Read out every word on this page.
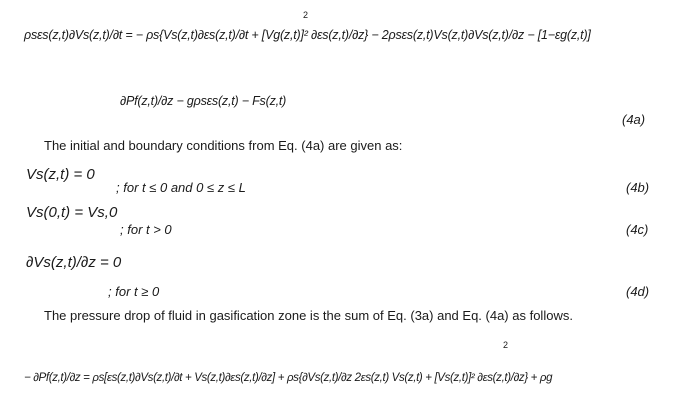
ρsεs(z,t)∂Vs(z,t)/∂t = − ρs{Vs(z,t)∂εs(z,t)/∂t + [Vg(z,t)]² ∂εs(z,t)/∂z} − 2ρsεs(z,t)Vs(z,t)∂Vs(z,t)/∂z − [1−εg(z,t)]
2
∂Pf(z,t)/∂z − gρsεs(z,t) − Fs(z,t)
(4a)
The initial and boundary conditions from Eq. (4a) are given as:
Vs(z,t) = 0
; for t ≤ 0 and 0 ≤ z ≤ L	(4b)
Vs(0,t) = Vs,0
; for t > 0	(4c)
∂Vs(z,t)/∂z = 0
; for t ≥ 0	(4d)
The pressure drop of fluid in gasification zone is the sum of Eq. (3a) and Eq. (4a) as follows.
− ∂Pf(z,t)/∂z = ρs[εs(z,t)∂Vs(z,t)/∂t + Vs(z,t)∂εs(z,t)/∂z] + ρs{∂Vs(z,t)/∂z 2εs(z,t) Vs(z,t) + [Vs(z,t)]² ∂εs(z,t)/∂z} + ρg
2
